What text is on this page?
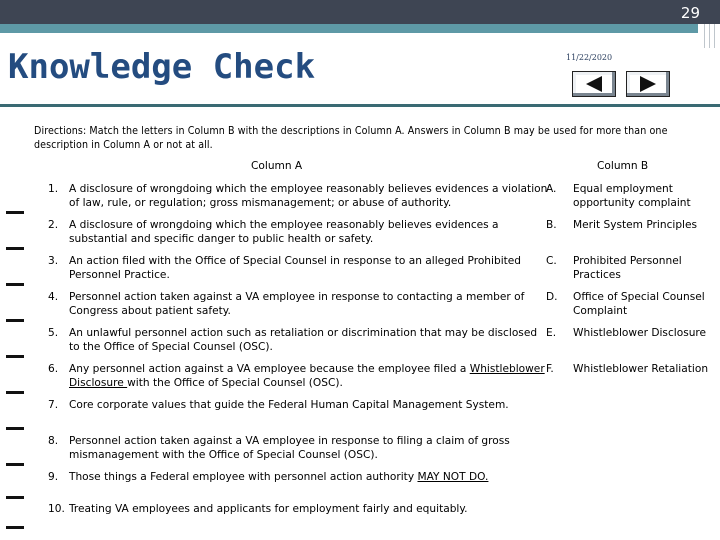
29
Knowledge Check	11/22/2020
Directions: Match the letters in Column B with the descriptions in Column A. Answers in Column B may be used for more than one description in Column A or not at all.
Column A	Column B
1.	A disclosure of wrongdoing which the employee reasonably believes evidences a violation of law, rule, or regulation; gross mismanagement; or abuse of authority.
2.	A disclosure of wrongdoing which the employee reasonably believes evidences a substantial and specific danger to public health or safety.
3.	An action filed with the Office of Special Counsel in response to an alleged Prohibited Personnel Practice.
4.	Personnel action taken against a VA employee in response to contacting a member of Congress about patient safety.
5.	An unlawful personnel action such as retaliation or discrimination that may be disclosed to the Office of Special Counsel (OSC).
6.	Any personnel action against a VA employee because the employee filed a Whistleblower Disclosure with the Office of Special Counsel (OSC).
7.	Core corporate values that guide the Federal Human Capital Management System.
8.	Personnel action taken against a VA employee in response to filing a claim of gross mismanagement with the Office of Special Counsel (OSC).
9.	Those things a Federal employee with personnel action authority MAY NOT DO.
10. Treating VA employees and applicants for employment fairly and equitably.
A.	Equal employment opportunity complaint
B.	Merit System Principles
C.	Prohibited Personnel Practices
D.	Office of Special Counsel Complaint
E.	Whistleblower Disclosure
F.	Whistleblower Retaliation
